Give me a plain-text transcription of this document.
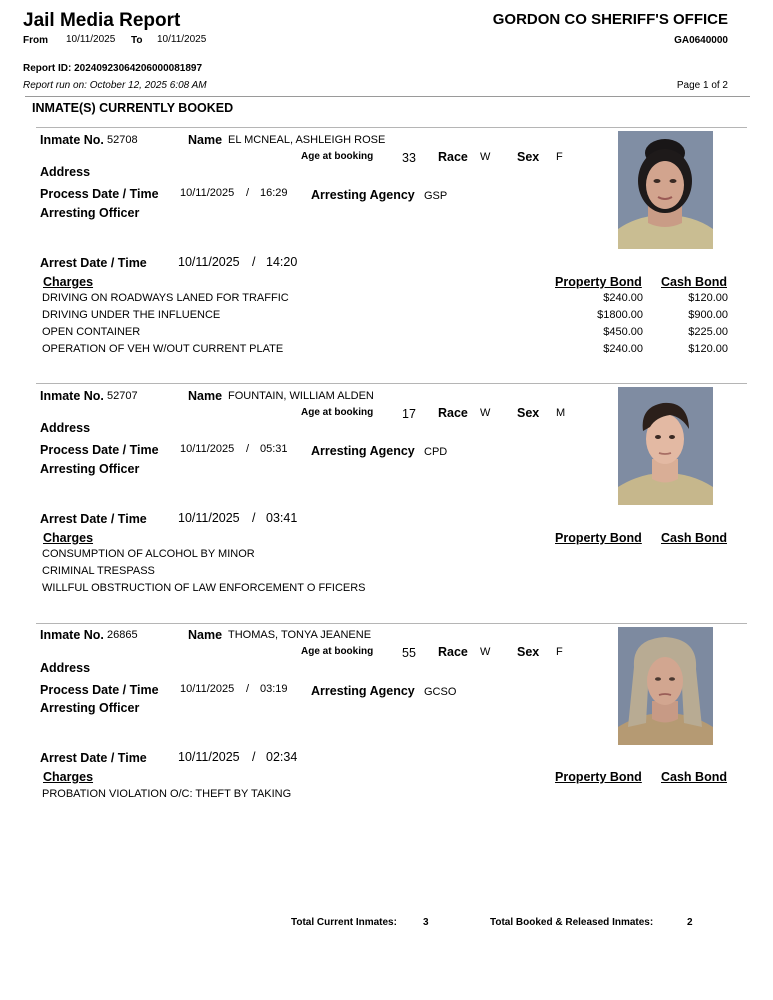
Jail Media Report	GORDON CO SHERIFF'S OFFICE
GA0640000
From 10/11/2025 To 10/11/2025
Report ID: 20240923064206000081897
Report run on: October 12, 2025 6:08 AM	Page 1 of 2
INMATE(S) CURRENTLY BOOKED
Inmate No. 52708	Name EL MCNEAL, ASHLEIGH ROSE
Age at booking 33 Race W Sex F
Address
Process Date / Time 10/11/2025 / 16:29 Arresting Agency GSP
Arresting Officer
Arrest Date / Time 10/11/2025 / 14:20
Charges	Property Bond Cash Bond
DRIVING ON ROADWAYS LANED FOR TRAFFIC	$240.00	$120.00
DRIVING UNDER THE INFLUENCE	$1800.00	$900.00
OPEN CONTAINER	$450.00	$225.00
OPERATION OF VEH W/OUT CURRENT PLATE	$240.00	$120.00
Inmate No. 52707	Name FOUNTAIN, WILLIAM ALDEN
Age at booking 17 Race W Sex M
Address
Process Date / Time 10/11/2025 / 05:31 Arresting Agency CPD
Arresting Officer
Arrest Date / Time 10/11/2025 / 03:41
Charges	Property Bond Cash Bond
CONSUMPTION OF ALCOHOL BY MINOR
CRIMINAL TRESPASS
WILLFUL OBSTRUCTION OF LAW ENFORCEMENT O FFICERS
Inmate No. 26865	Name THOMAS, TONYA JEANENE
Age at booking 55 Race W Sex F
Address
Process Date / Time 10/11/2025 / 03:19 Arresting Agency GCSO
Arresting Officer
Arrest Date / Time 10/11/2025 / 02:34
Charges	Property Bond Cash Bond
PROBATION VIOLATION O/C: THEFT BY TAKING
Total Current Inmates:	3	Total Booked & Released Inmates:	2
